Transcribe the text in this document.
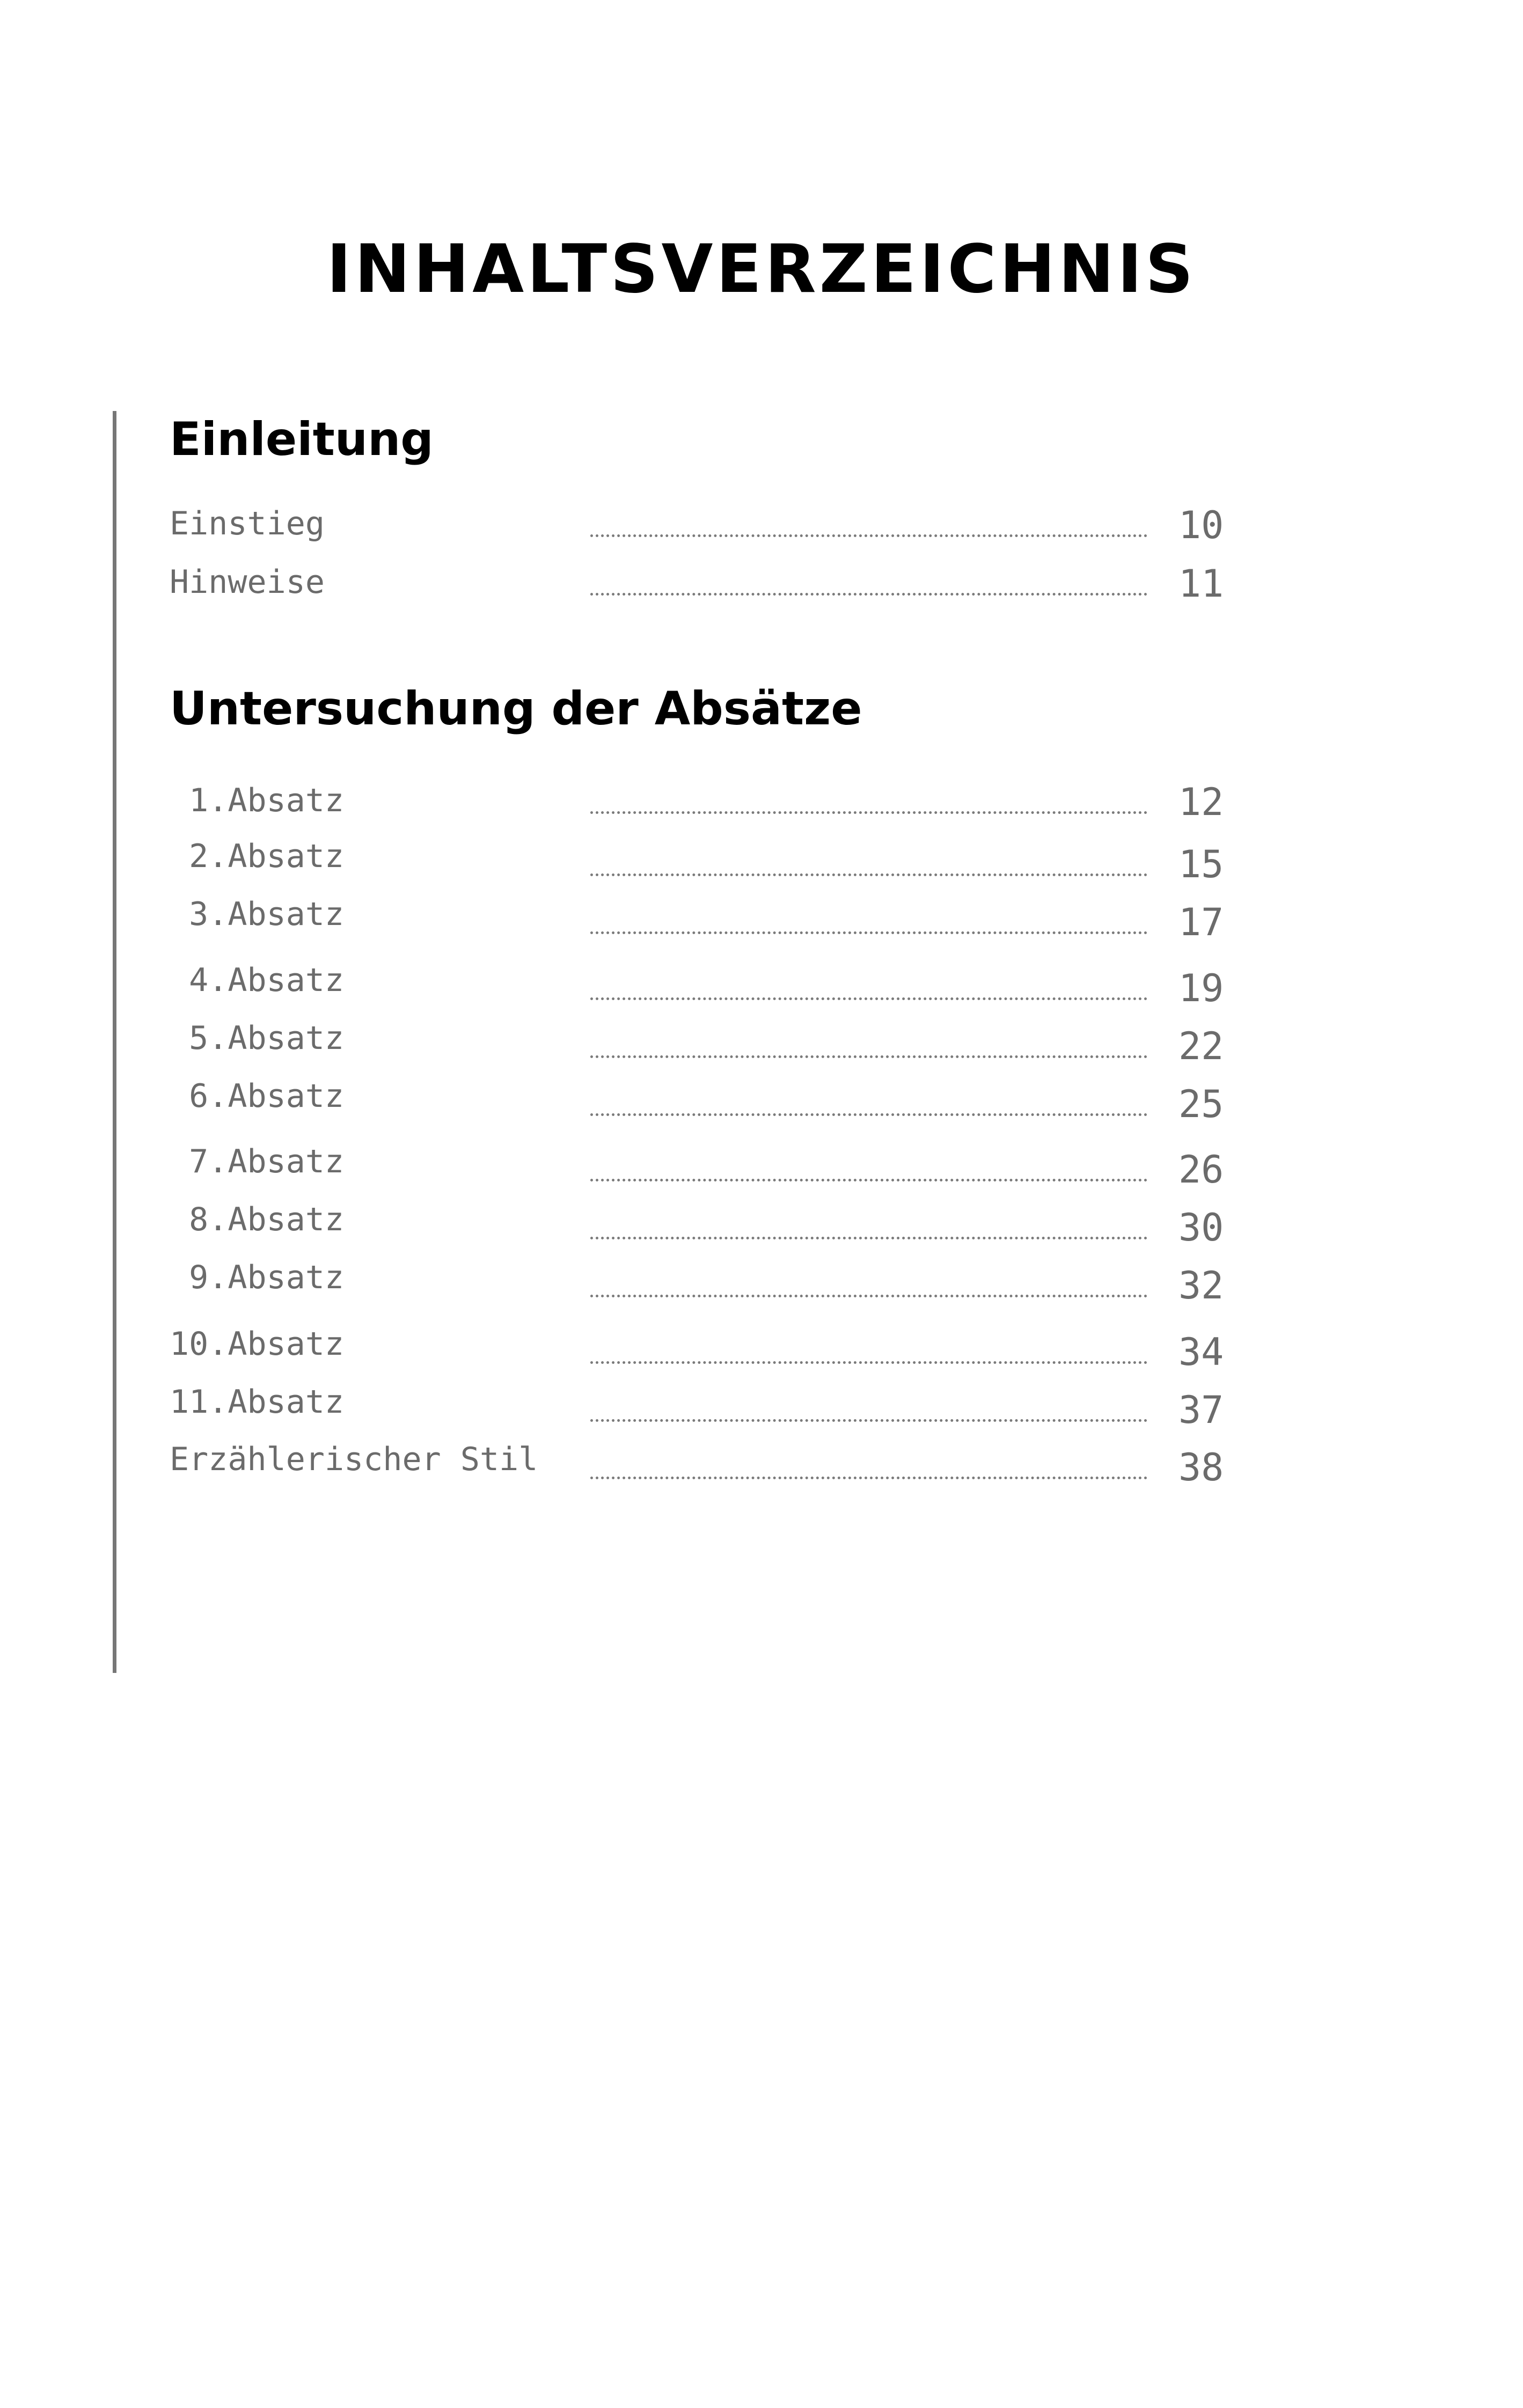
INHALTSVERZEICHNIS
Einleitung
Einstieg	10
Hinweise	11
Untersuchung der Absätze
1.Absatz	12
2.Absatz	15
3.Absatz	17
4.Absatz	19
5.Absatz	22
6.Absatz	25
7.Absatz	26
8.Absatz	30
9.Absatz	32
10.Absatz	34
11.Absatz	37
Erzählerischer Stil	38
